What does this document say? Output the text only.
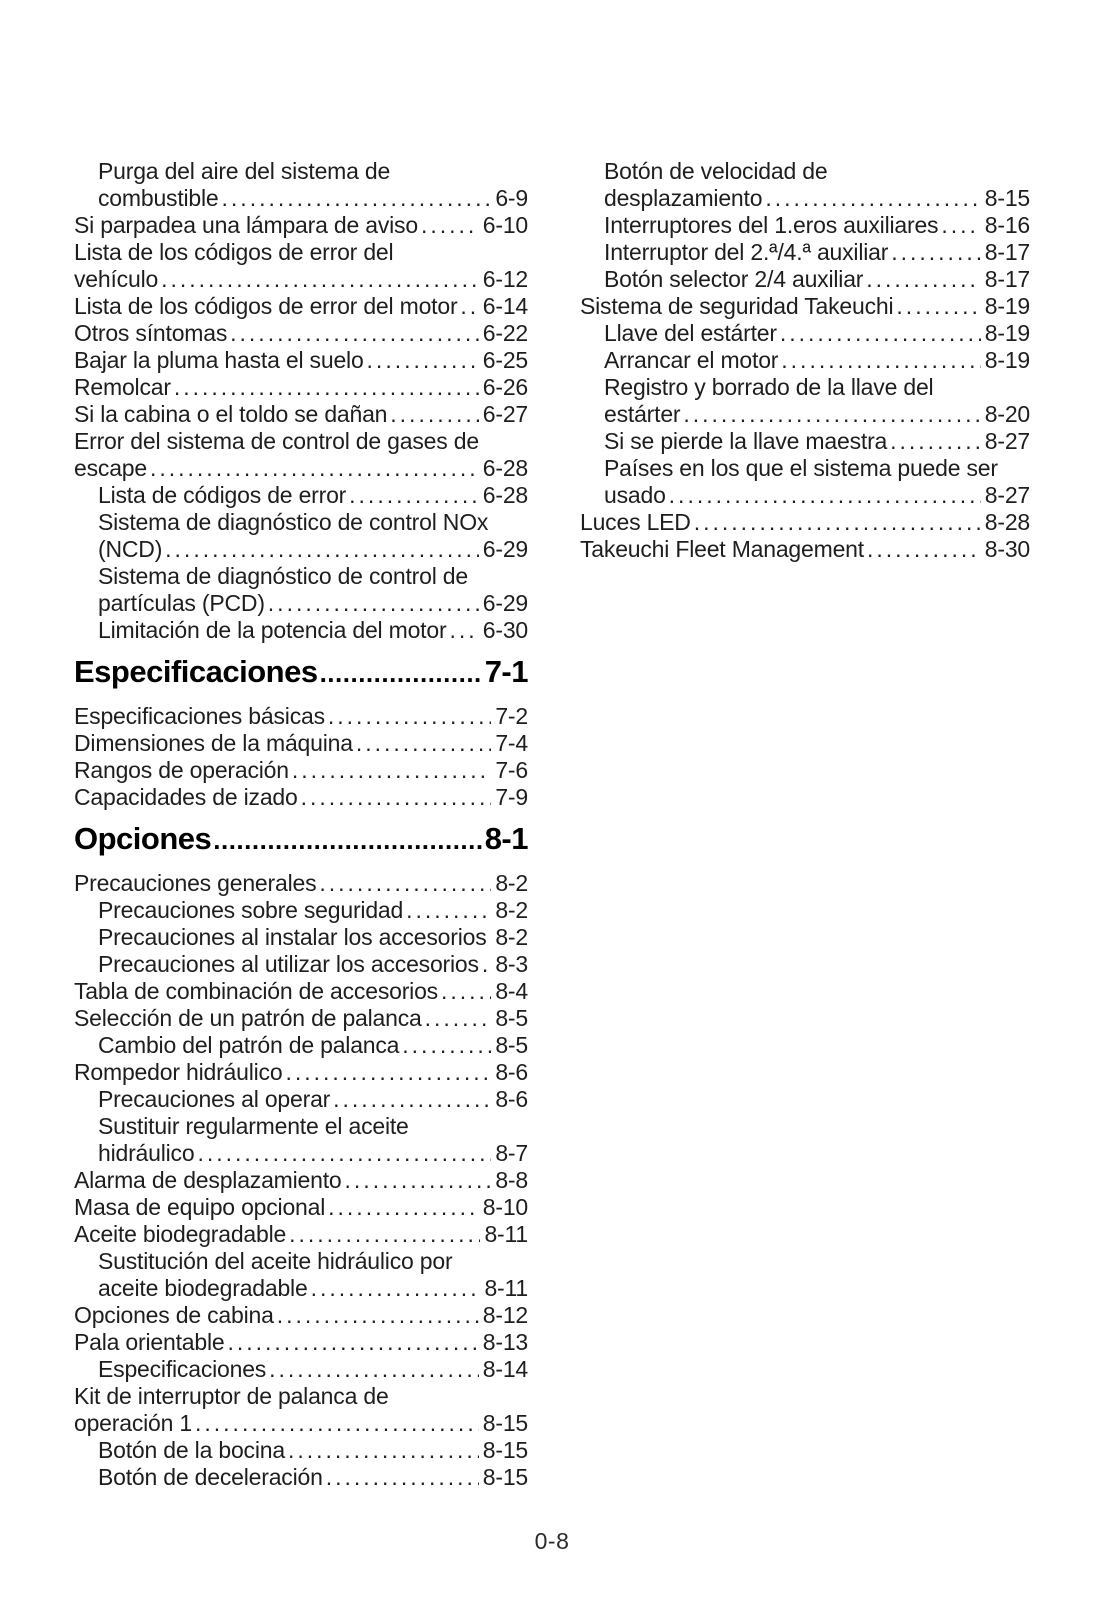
Purga del aire del sistema de
combustible .....	6-9
Si parpadea una lámpara de aviso .....	6-10
Lista de los códigos de error del
vehículo .....	6-12
Lista de los códigos de error del motor ..... 6-14
Otros síntomas .....	6-22
Bajar la pluma hasta el suelo .....	6-25
Remolcar .....	6-26
Si la cabina o el toldo se dañan .....	6-27
Error del sistema de control de gases de
escape .....	6-28
Lista de códigos de error .....	6-28
Sistema de diagnóstico de control NOx
(NCD) .....	6-29
Sistema de diagnóstico de control de
partículas (PCD) .....	6-29
Limitación de la potencia del motor ..... 6-30
Especificaciones .....	7-1
Especificaciones básicas .....	7-2
Dimensiones de la máquina .....	7-4
Rangos de operación .....	7-6
Capacidades de izado .....	7-9
Opciones .....	8-1
Precauciones generales .....	8-2
Precauciones sobre seguridad .....	8-2
Precauciones al instalar los accesorios ..... 8-2
Precauciones al utilizar los accesorios ..... 8-3
Tabla de combinación de accesorios ..... 8-4
Selección de un patrón de palanca .....	8-5
Cambio del patrón de palanca .....	8-5
Rompedor hidráulico .....	8-6
Precauciones al operar .....	8-6
Sustituir regularmente el aceite
hidráulico .....	8-7
Alarma de desplazamiento .....	8-8
Masa de equipo opcional .....	8-10
Aceite biodegradable .....	8-11
Sustitución del aceite hidráulico por
aceite biodegradable .....	8-11
Opciones de cabina .....	8-12
Pala orientable .....	8-13
Especificaciones .....	8-14
Kit de interruptor de palanca de
operación 1 .....	8-15
Botón de la bocina .....	8-15
Botón de deceleración .....	8-15
Botón de velocidad de
desplazamiento .....	8-15
Interruptores del 1.eros auxiliares ..... 8-16
Interruptor del 2.ª/4.ª auxiliar .....	8-17
Botón selector 2/4 auxiliar .....	8-17
Sistema de seguridad Takeuchi .....	8-19
Llave del estárter .....	8-19
Arrancar el motor .....	8-19
Registro y borrado de la llave del
estárter .....	8-20
Si se pierde la llave maestra .....	8-27
Países en los que el sistema puede ser
usado .....	8-27
Luces LED .....	8-28
Takeuchi Fleet Management .....	8-30
0-8
